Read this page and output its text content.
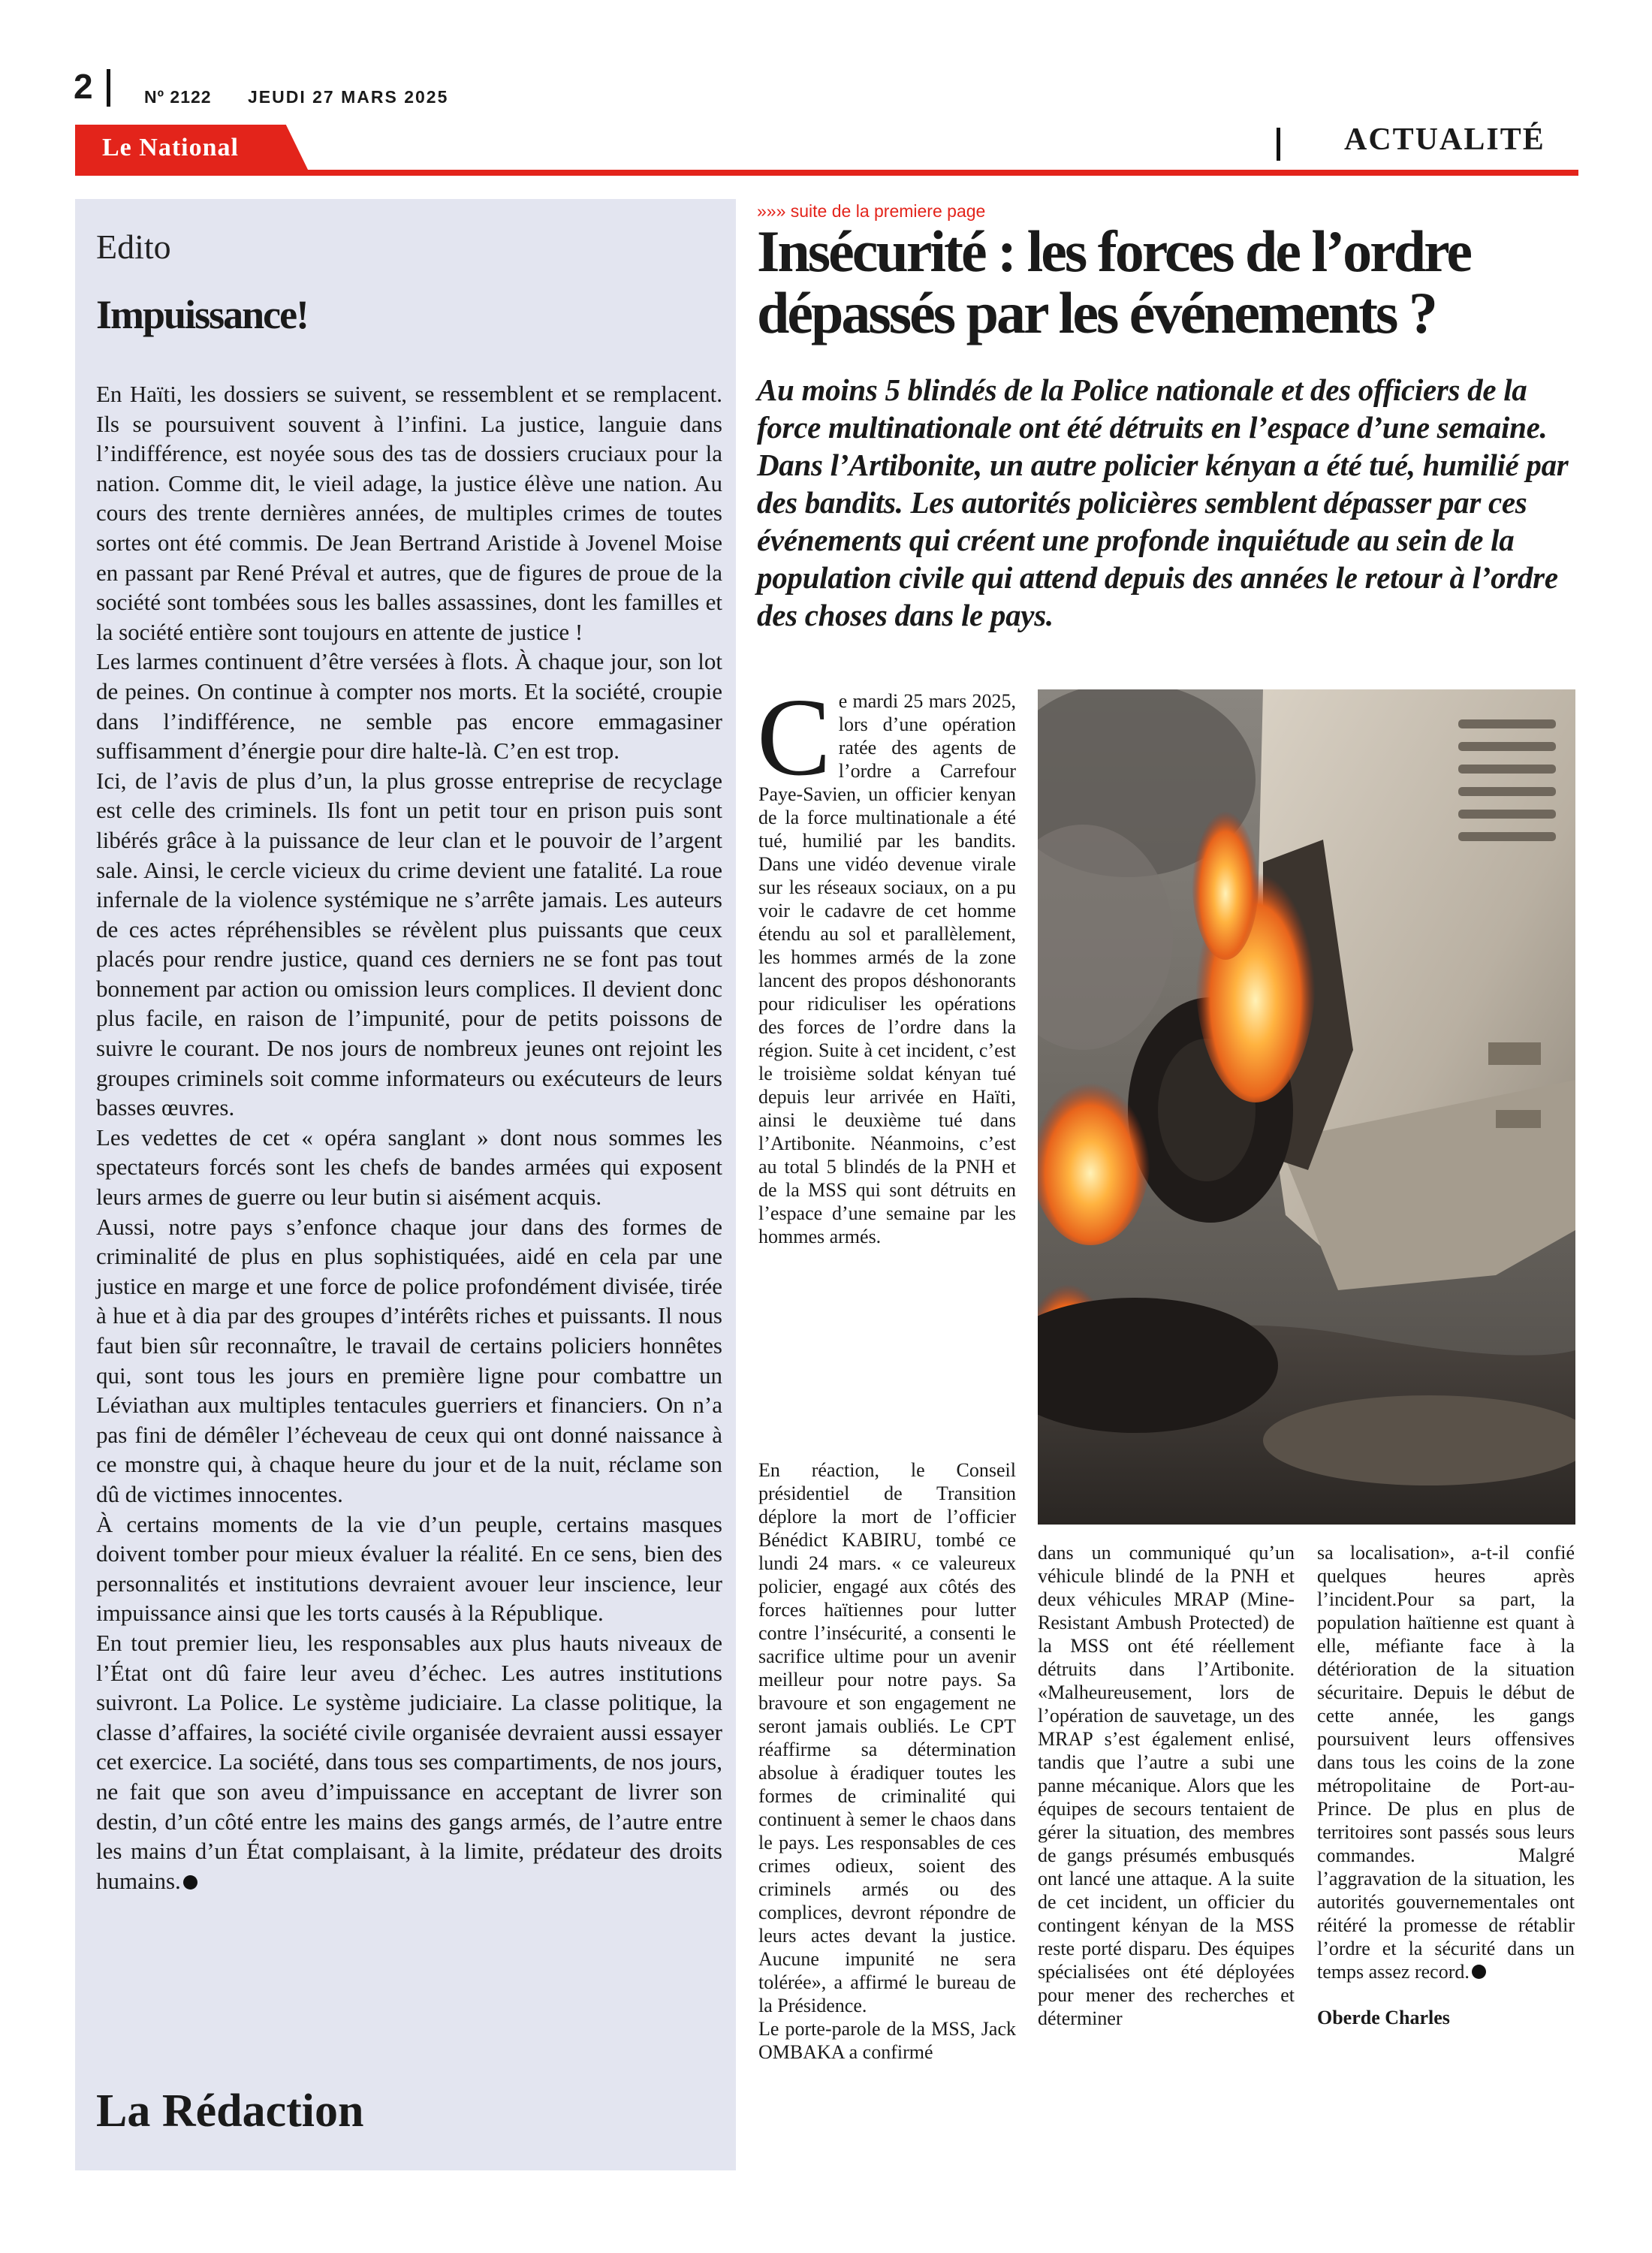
2	Nº 2122 JEUDI 27 MARS 2025
Le National	ACTUALITÉ
Edito
Impuissance!

En Haïti, les dossiers se suivent, se ressemblent et se remplacent. Ils se poursuivent souvent à l’infini. La justice, languie dans l’indifférence, est noyée sous des tas de dossiers cruciaux pour la nation. Comme dit, le vieil adage, la justice élève une nation. Au cours des trente dernières années, de multiples crimes de toutes sortes ont été commis. De Jean Bertrand Aristide à Jovenel Moise en passant par René Préval et autres, que de figures de proue de la société sont tombées sous les balles assassines, dont les familles et la société entière sont toujours en attente de justice !

Les larmes continuent d’être versées à flots. À chaque jour, son lot de peines. On continue à compter nos morts. Et la société, croupie dans l’indifférence, ne semble pas encore emmagasiner suffisamment d’énergie pour dire halte-là. C’en est trop.

Ici, de l’avis de plus d’un, la plus grosse entreprise de recyclage est celle des criminels. Ils font un petit tour en prison puis sont libérés grâce à la puissance de leur clan et le pouvoir de l’argent sale. Ainsi, le cercle vicieux du crime devient une fatalité. La roue infernale de la violence systémique ne s’arrête jamais. Les auteurs de ces actes répréhensibles se révèlent plus puissants que ceux placés pour rendre justice, quand ces derniers ne se font pas tout bonnement par action ou omission leurs complices. Il devient donc plus facile, en raison de l’impunité, pour de petits poissons de suivre le courant. De nos jours de nombreux jeunes ont rejoint les groupes criminels soit comme informateurs ou exécuteurs de leurs basses œuvres.

Les vedettes de cet « opéra sanglant » dont nous sommes les spectateurs forcés sont les chefs de bandes armées qui exposent leurs armes de guerre ou leur butin si aisément acquis.

Aussi, notre pays s’enfonce chaque jour dans des formes de criminalité de plus en plus sophistiquées, aidé en cela par une justice en marge et une force de police profondément divisée, tirée à hue et à dia par des groupes d’intérêts riches et puissants. Il nous faut bien sûr reconnaître, le travail de certains policiers honnêtes qui, sont tous les jours en première ligne pour combattre un Léviathan aux multiples tentacules guerriers et financiers. On n’a pas fini de démêler l’écheveau de ceux qui ont donné naissance à ce monstre qui, à chaque heure du jour et de la nuit, réclame son dû de victimes innocentes.

À certains moments de la vie d’un peuple, certains masques doivent tomber pour mieux évaluer la réalité. En ce sens, bien des personnalités et institutions devraient avouer leur inscience, leur impuissance ainsi que les torts causés à la République.

En tout premier lieu, les responsables aux plus hauts niveaux de l’État ont dû faire leur aveu d’échec. Les autres institutions suivront. La Police. Le système judiciaire. La classe politique, la classe d’affaires, la société civile organisée devraient aussi essayer cet exercice. La société, dans tous ses compartiments, de nos jours, ne fait que son aveu d’impuissance en acceptant de livrer son destin, d’un côté entre les mains des gangs armés, de l’autre entre les mains d’un État complaisant, à la limite, prédateur des droits humains.

La Rédaction
»»» suite de la premiere page
Insécurité : les forces de l’ordre dépassés par les événements ?
Au moins 5 blindés de la Police nationale et des officiers de la force multinationale ont été détruits en l’espace d’une semaine. Dans l’Artibonite, un autre policier kényan a été tué, humilié par des bandits. Les autorités policières semblent dépasser par ces événements qui créent une profonde inquiétude au sein de la population civile qui attend depuis des années le retour à l’ordre des choses dans le pays.

Ce mardi 25 mars 2025, lors d’une opération ratée des agents de l’ordre a Carrefour Paye-Savien, un officier kenyan de la force multinationale a été tué, humilié par les bandits. Dans une vidéo devenue virale sur les réseaux sociaux, on a pu voir le cadavre de cet homme étendu au sol et parallèlement, les hommes armés de la zone lancent des propos déshonorants pour ridiculiser les opérations des forces de l’ordre dans la région. Suite à cet incident, c’est le troisième soldat kényan tué depuis leur arrivée en Haïti, ainsi le deuxième tué dans l’Artibonite. Néanmoins, c’est au total 5 blindés de la PNH et de la MSS qui sont détruits en l’espace d’une semaine par les hommes armés.

En réaction, le Conseil présidentiel de Transition déplore la mort de l’officier Bénédict KABIRU, tombé ce lundi 24 mars. « ce valeureux policier, engagé aux côtés des forces haïtiennes pour lutter contre l’insécurité, a consenti le sacrifice ultime pour un avenir meilleur pour notre pays. Sa bravoure et son engagement ne seront jamais oubliés. Le CPT réaffirme sa détermination absolue à éradiquer toutes les formes de criminalité qui continuent à semer le chaos dans le pays. Les responsables de ces crimes odieux, soient des criminels armés ou des complices, devront répondre de leurs actes devant la justice. Aucune impunité ne sera tolérée», a affirmé le bureau de la Présidence.

Le porte-parole de la MSS, Jack OMBAKA a confirmé

dans un communiqué qu’un véhicule blindé de la PNH et deux véhicules MRAP (Mine-Resistant Ambush Protected) de la MSS ont été réellement détruits dans l’Artibonite. «Malheureusement, lors de l’opération de sauvetage, un des MRAP s’est également enlisé, tandis que l’autre a subi une panne mécanique. Alors que les équipes de secours tentaient de gérer la situation, des membres de gangs présumés embusqués ont lancé une attaque. A la suite de cet incident, un officier du contingent kényan de la MSS reste porté disparu. Des équipes spécialisées ont été déployées pour mener des recherches et déterminer

sa localisation», a-t-il confié quelques heures après l’incident.Pour sa part, la population haïtienne est quant à elle, méfiante face à la détérioration de la situation sécuritaire. Depuis le début de cette année, les gangs poursuivent leurs offensives dans tous les coins de la zone métropolitaine de Port-au-Prince. De plus en plus de territoires sont passés sous leurs commandes. Malgré l’aggravation de la situation, les autorités gouvernementales ont réitéré la promesse de rétablir l’ordre et la sécurité dans un temps assez record.

Oberde Charles
